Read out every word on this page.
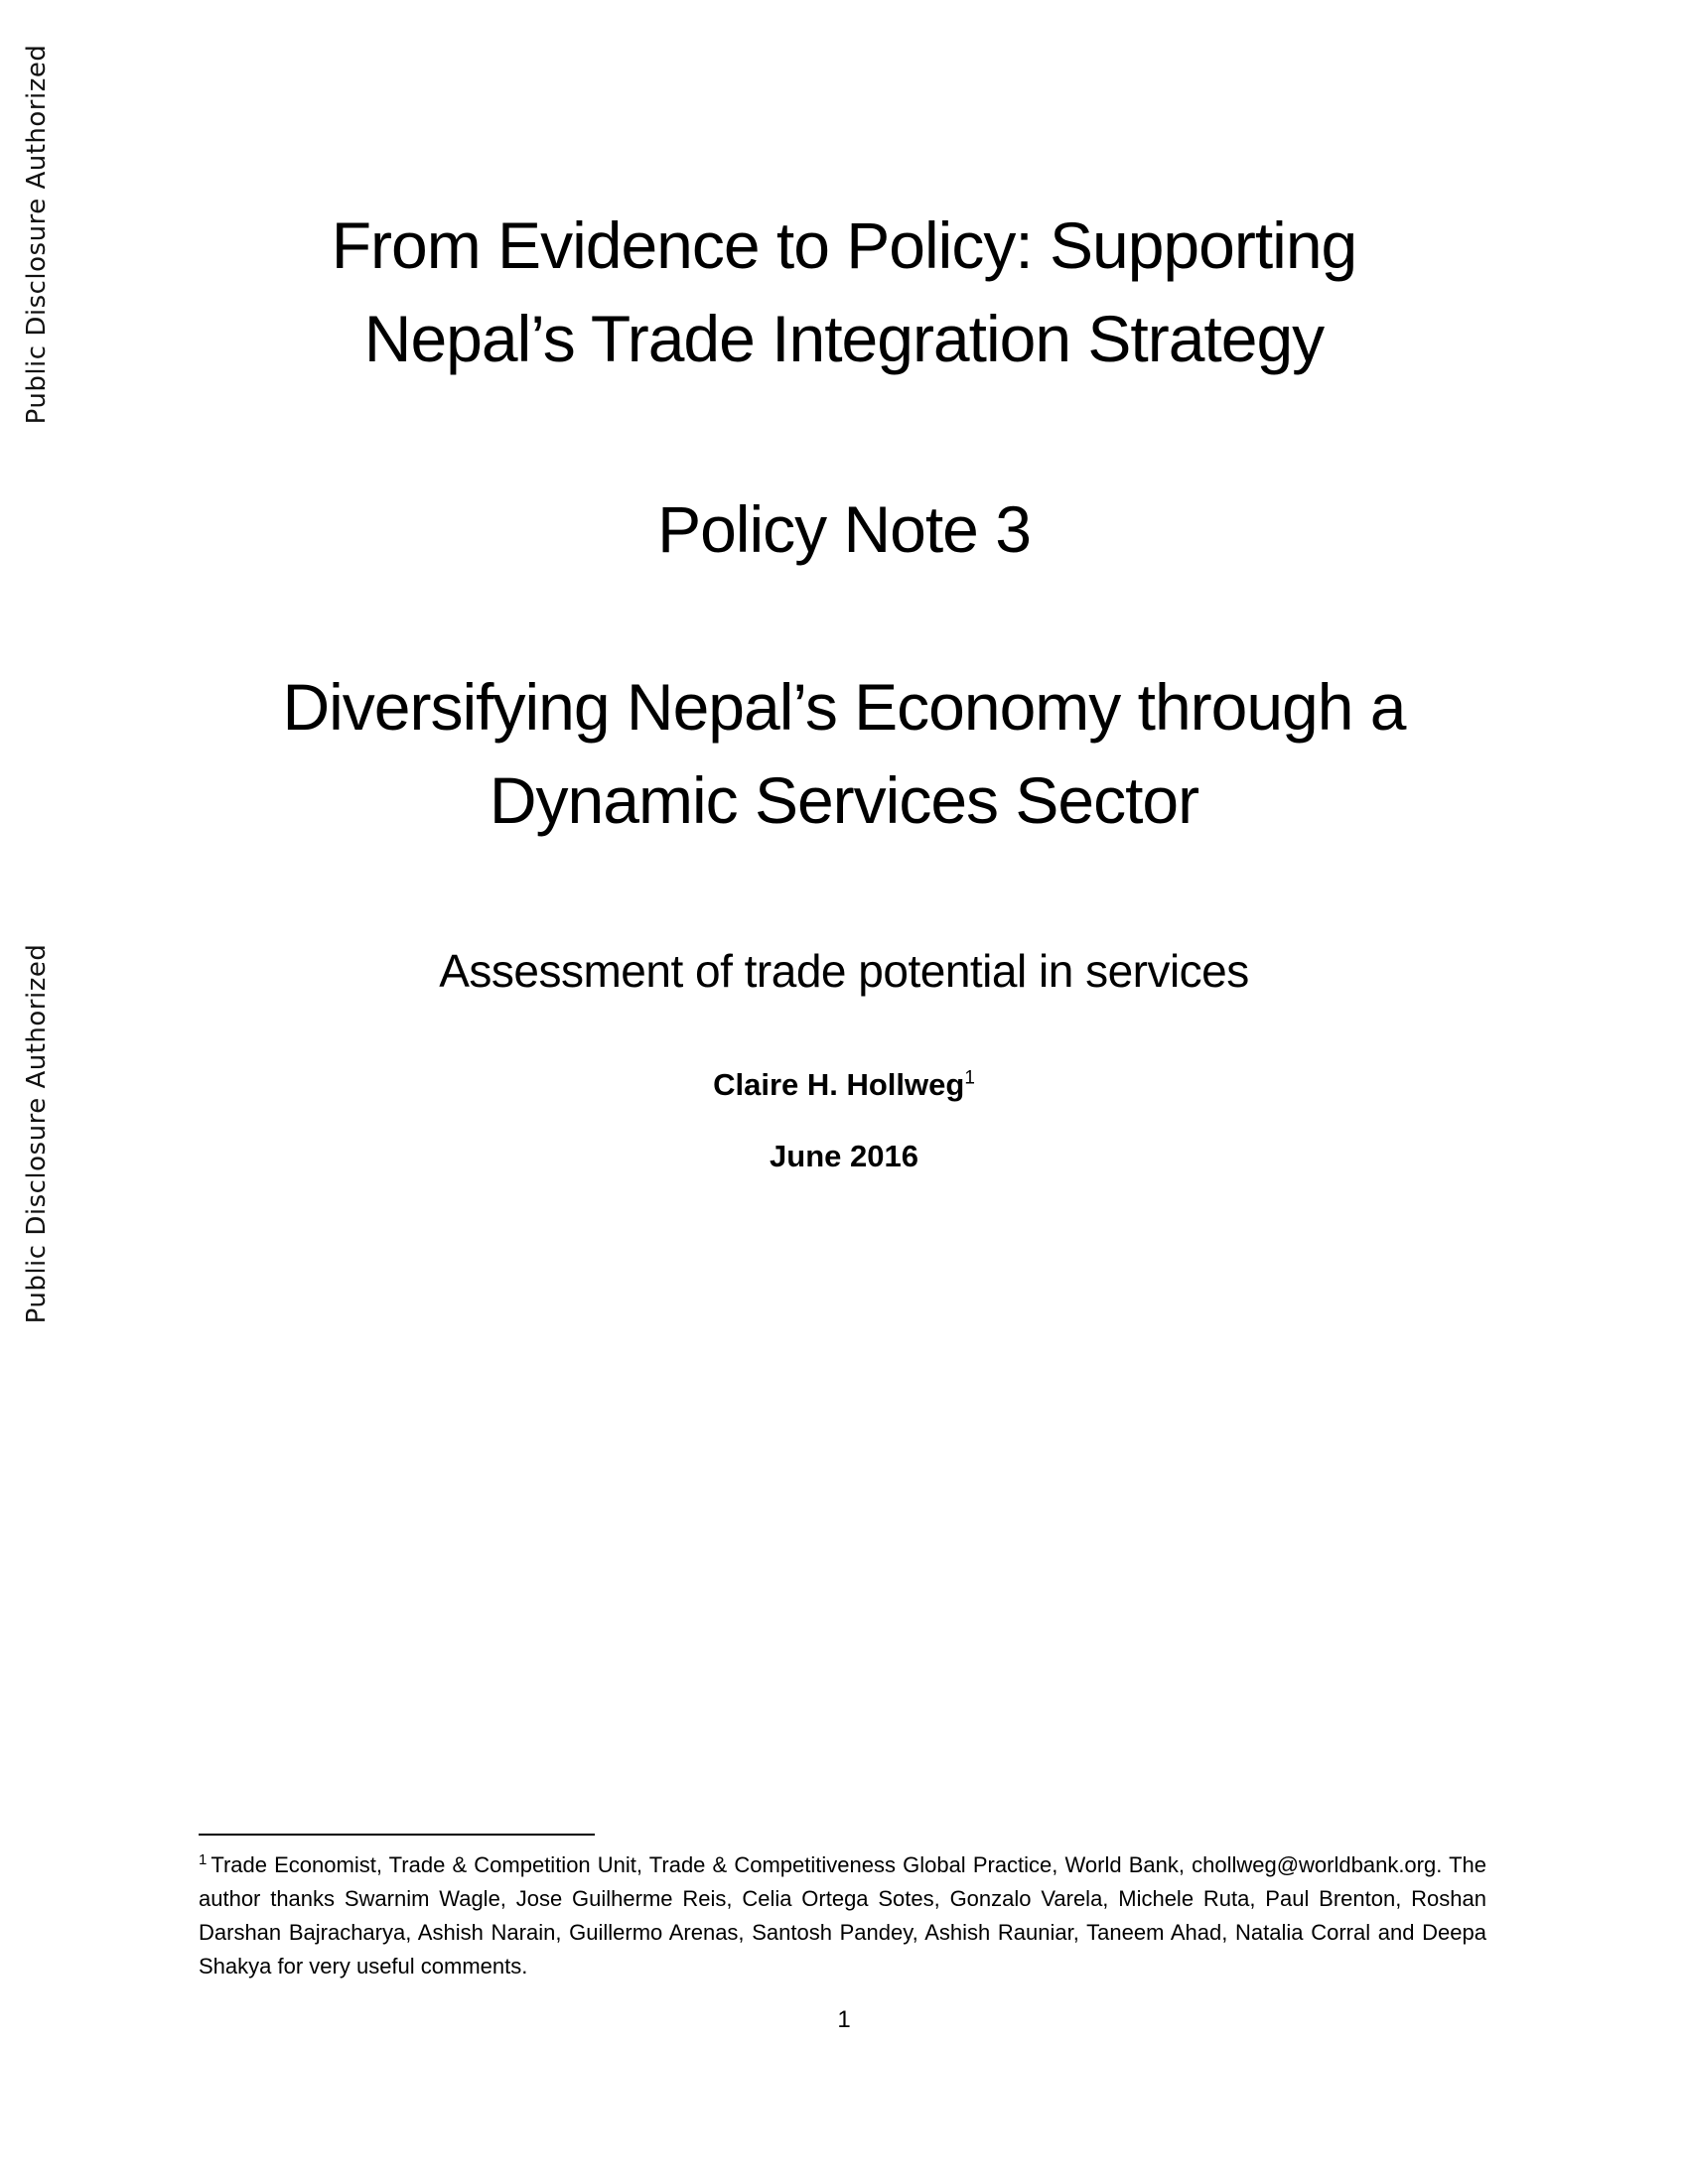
Public Disclosure Authorized
Public Disclosure Authorized
From Evidence to Policy: Supporting
Nepal’s Trade Integration Strategy
Policy Note 3
Diversifying Nepal’s Economy through a
Dynamic Services Sector
Assessment of trade potential in services
Claire H. Hollweg$^1$
June 2016
$^1$ Trade Economist, Trade & Competition Unit, Trade & Competitiveness Global Practice, World Bank, chollweg@worldbank.org. The author thanks Swarnim Wagle, Jose Guilherme Reis, Celia Ortega Sotes, Gonzalo Varela, Michele Ruta, Paul Brenton, Roshan Darshan Bajracharya, Ashish Narain, Guillermo Arenas, Santosh Pandey, Ashish Rauniar, Taneem Ahad, Natalia Corral and Deepa Shakya for very useful comments.
1
